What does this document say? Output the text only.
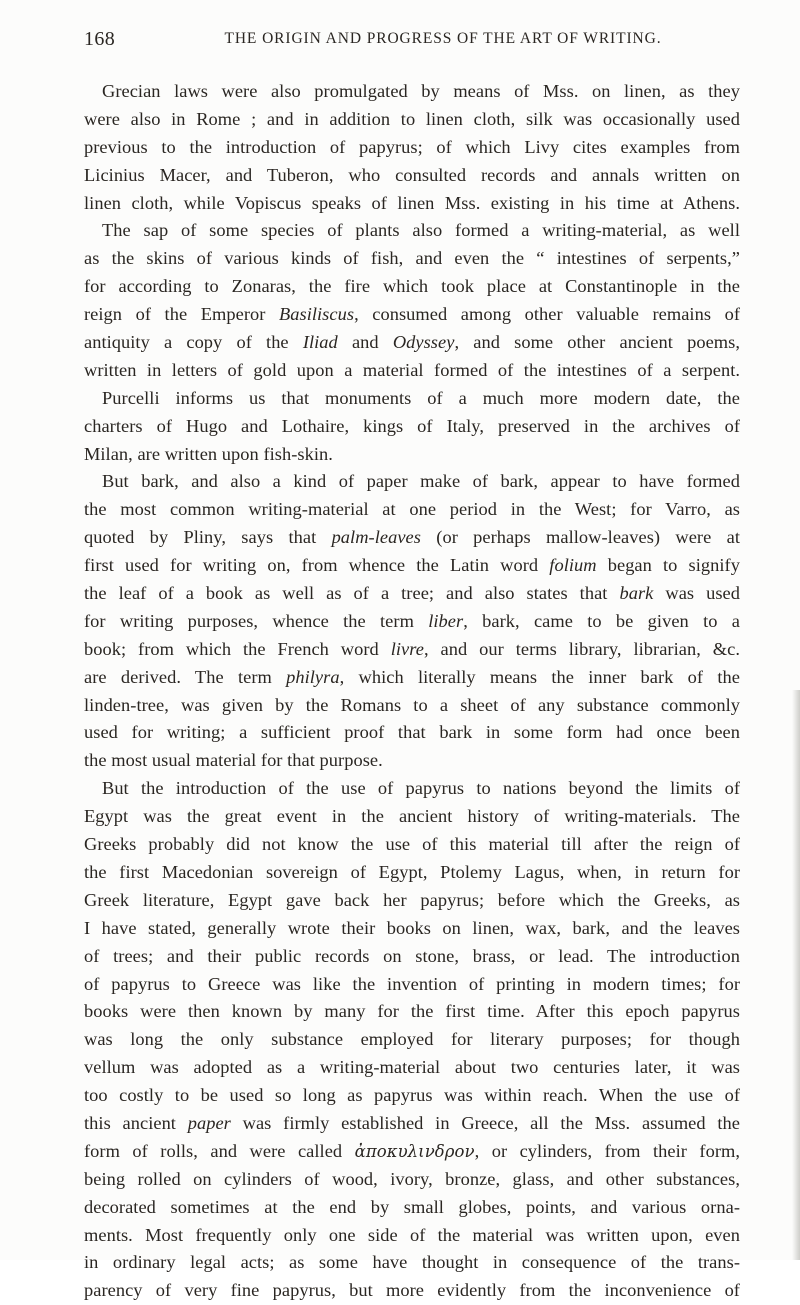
168	THE ORIGIN AND PROGRESS OF THE ART OF WRITING.
Grecian laws were also promulgated by means of Mss. on linen, as they
were also in Rome ; and in addition to linen cloth, silk was occasionally used
previous to the introduction of papyrus; of which Livy cites examples from
Licinius Macer, and Tuberon, who consulted records and annals written on
linen cloth, while Vopiscus speaks of linen Mss. existing in his time at Athens.
The sap of some species of plants also formed a writing-material, as well
as the skins of various kinds of fish, and even the “ intestines of serpents,”
for according to Zonaras, the fire which took place at Constantinople in the
reign of the Emperor Basiliscus, consumed among other valuable remains of
antiquity a copy of the Iliad and Odyssey, and some other ancient poems,
written in letters of gold upon a material formed of the intestines of a serpent.
Purcelli informs us that monuments of a much more modern date, the
charters of Hugo and Lothaire, kings of Italy, preserved in the archives of
Milan, are written upon fish-skin.
But bark, and also a kind of paper make of bark, appear to have formed
the most common writing-material at one period in the West; for Varro, as
quoted by Pliny, says that palm-leaves (or perhaps mallow-leaves) were at
first used for writing on, from whence the Latin word folium began to signify
the leaf of a book as well as of a tree; and also states that bark was used
for writing purposes, whence the term liber, bark, came to be given to a
book; from which the French word livre, and our terms library, librarian, &c.
are derived. The term philyra, which literally means the inner bark of the
linden-tree, was given by the Romans to a sheet of any substance commonly
used for writing; a sufficient proof that bark in some form had once been
the most usual material for that purpose.
But the introduction of the use of papyrus to nations beyond the limits of
Egypt was the great event in the ancient history of writing-materials. The
Greeks probably did not know the use of this material till after the reign of
the first Macedonian sovereign of Egypt, Ptolemy Lagus, when, in return for
Greek literature, Egypt gave back her papyrus; before which the Greeks, as
I have stated, generally wrote their books on linen, wax, bark, and the leaves
of trees; and their public records on stone, brass, or lead. The introduction
of papyrus to Greece was like the invention of printing in modern times; for
books were then known by many for the first time. After this epoch papyrus
was long the only substance employed for literary purposes; for though
vellum was adopted as a writing-material about two centuries later, it was
too costly to be used so long as papyrus was within reach. When the use of
this ancient paper was firmly established in Greece, all the Mss. assumed the
form of rolls, and were called ἀποκυλινδρον, or cylinders, from their form,
being rolled on cylinders of wood, ivory, bronze, glass, and other substances,
decorated sometimes at the end by small globes, points, and various orna-
ments. Most frequently only one side of the material was written upon, even
in ordinary legal acts; as some have thought in consequence of the trans-
parency of very fine papyrus, but more evidently from the inconvenience of
